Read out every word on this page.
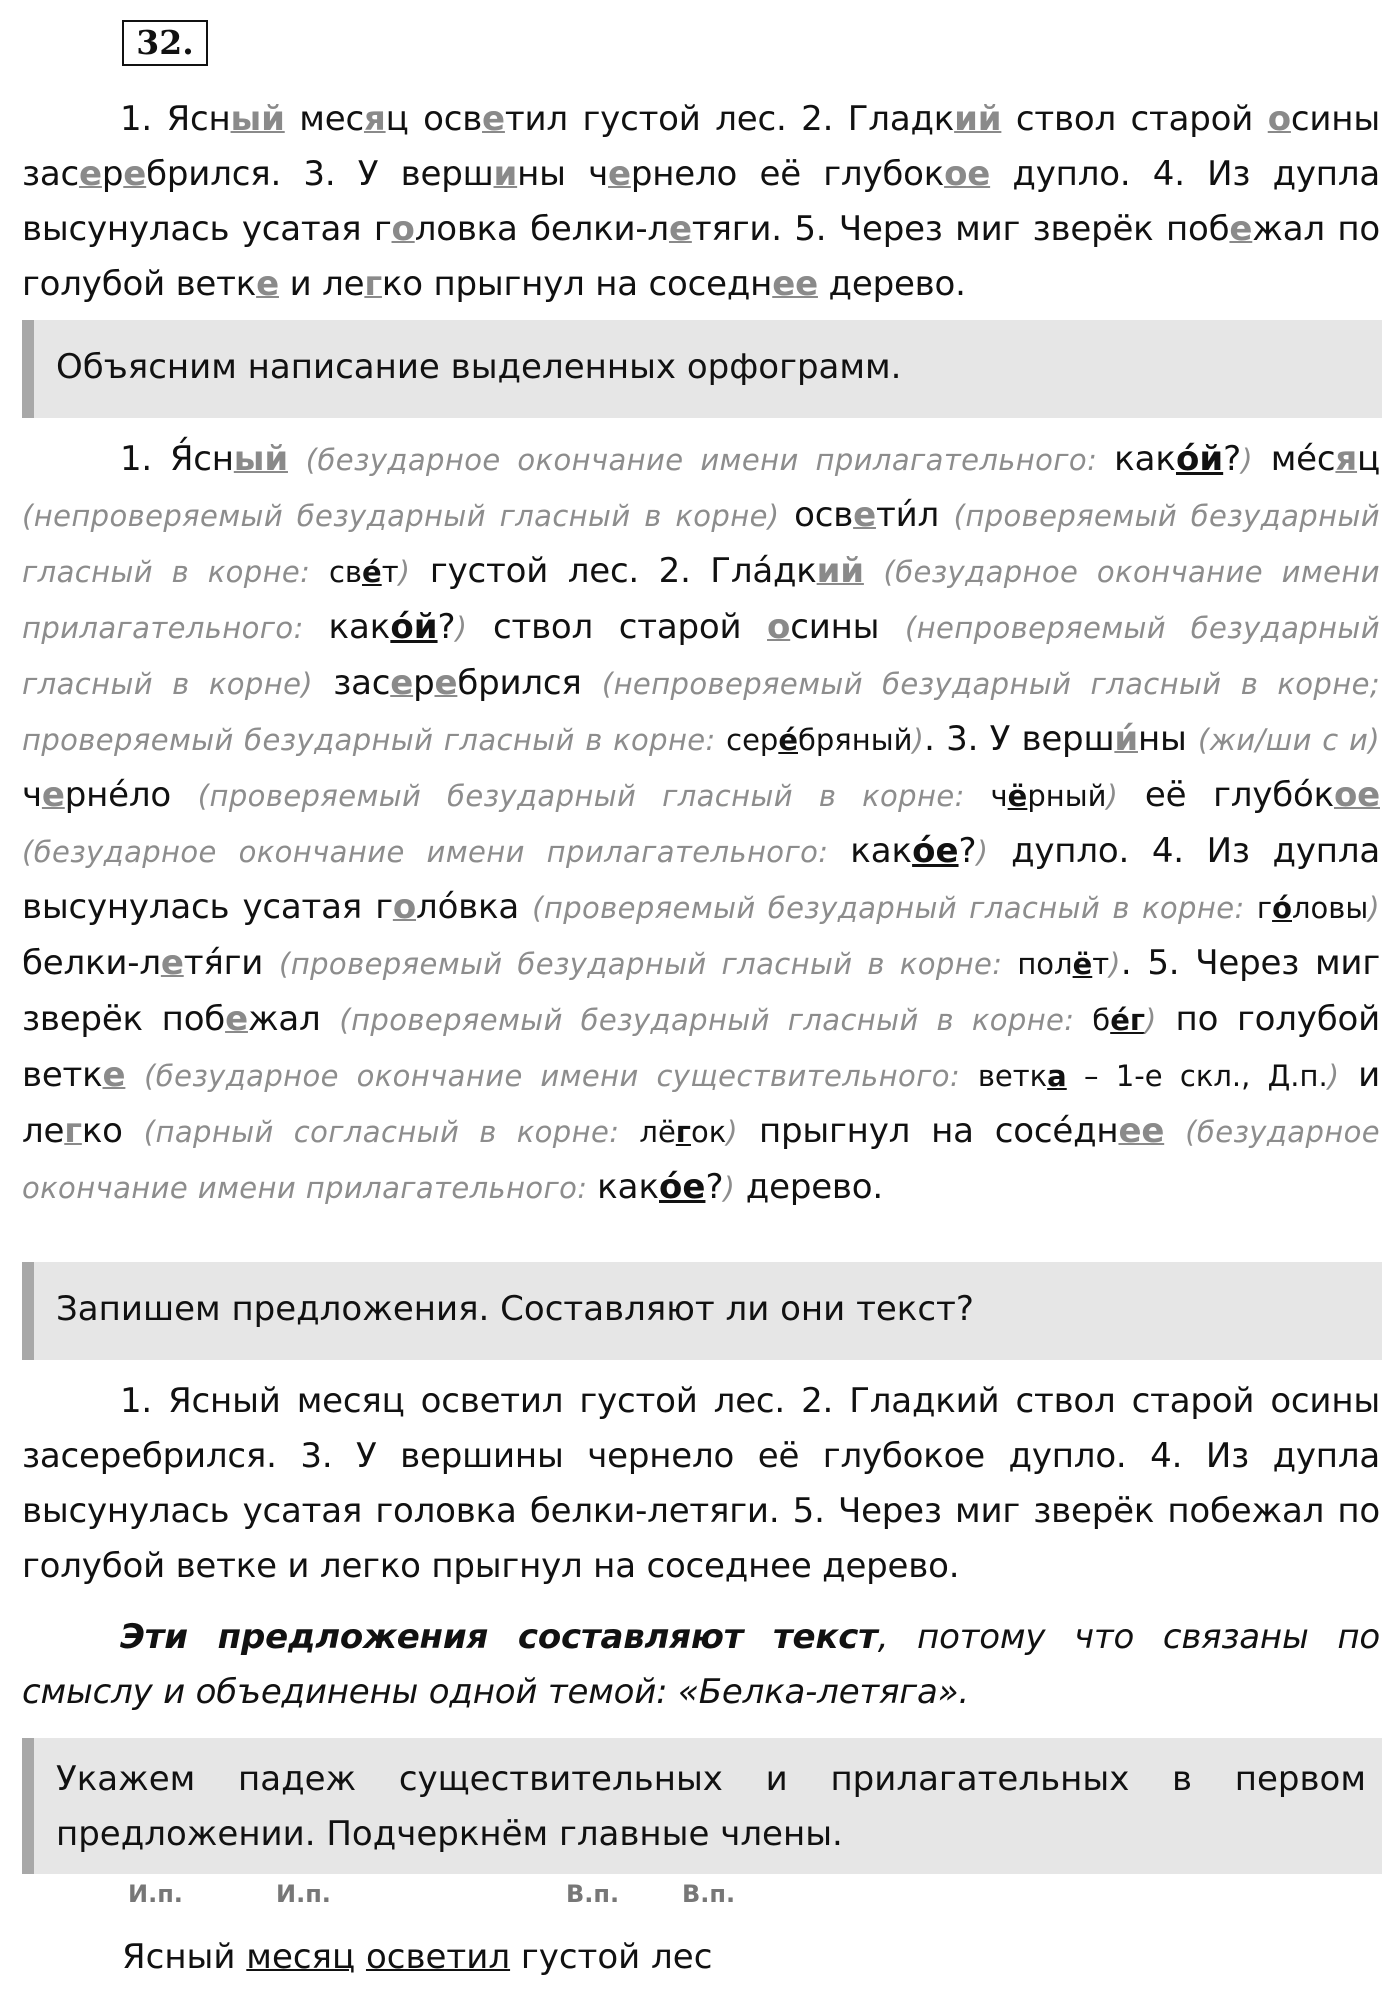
32.
1. Ясный месяц осветил густой лес. 2. Гладкий ствол старой осины засеребрился. 3. У вершины чернело её глубокое дупло. 4. Из дупла высунулась усатая головка белки-летяги. 5. Через миг зверёк побежал по голубой ветке и легко прыгнул на соседнее дерево.
Объясним написание выделенных орфограмм.
1. Я́сный (безударное окончание имени прилагательного: како́й?) ме́сяц (непроверяемый безударный гласный в корне) освети́л (проверяемый безударный гласный в корне: све́т) густой лес. 2. Гла́дкий (безударное окончание имени прилагательного: како́й?) ствол старой осины (непроверяемый безударный гласный в корне) засеребрился (непроверяемый безударный гласный в корне; проверяемый безударный гласный в корне: сере́бряный). 3. У верши́ны (жи/ши с и) черне́ло (проверяемый безударный гласный в корне: чёрный) её глубо́кое (безударное окончание имени прилагательного: како́е?) дупло. 4. Из дупла высунулась усатая голо́вка (проверяемый безударный гласный в корне: го́ловы) белки-летя́ги (проверяемый безударный гласный в корне: полёт). 5. Через миг зверёк побежал (проверяемый безударный гласный в корне: бе́г) по голубой ветке (безударное окончание имени существительного: ветка – 1-е скл., Д.п.) и легко (парный согласный в корне: лёгок) прыгнул на сосе́днее (безударное окончание имени прилагательного: како́е?) дерево.
Запишем предложения. Составляют ли они текст?
1. Ясный месяц осветил густой лес. 2. Гладкий ствол старой осины засеребрился. 3. У вершины чернело её глубокое дупло. 4. Из дупла высунулась усатая головка белки-летяги. 5. Через миг зверёк побежал по голубой ветке и легко прыгнул на соседнее дерево.
Эти предложения составляют текст, потому что связаны по смыслу и объединены одной темой: «Белка-летяга».
Укажем падеж существительных и прилагательных в первом предложении. Подчеркнём главные члены.
И.п.	И.п.	В.п.	В.п.
Ясный месяц осветил густой лес
